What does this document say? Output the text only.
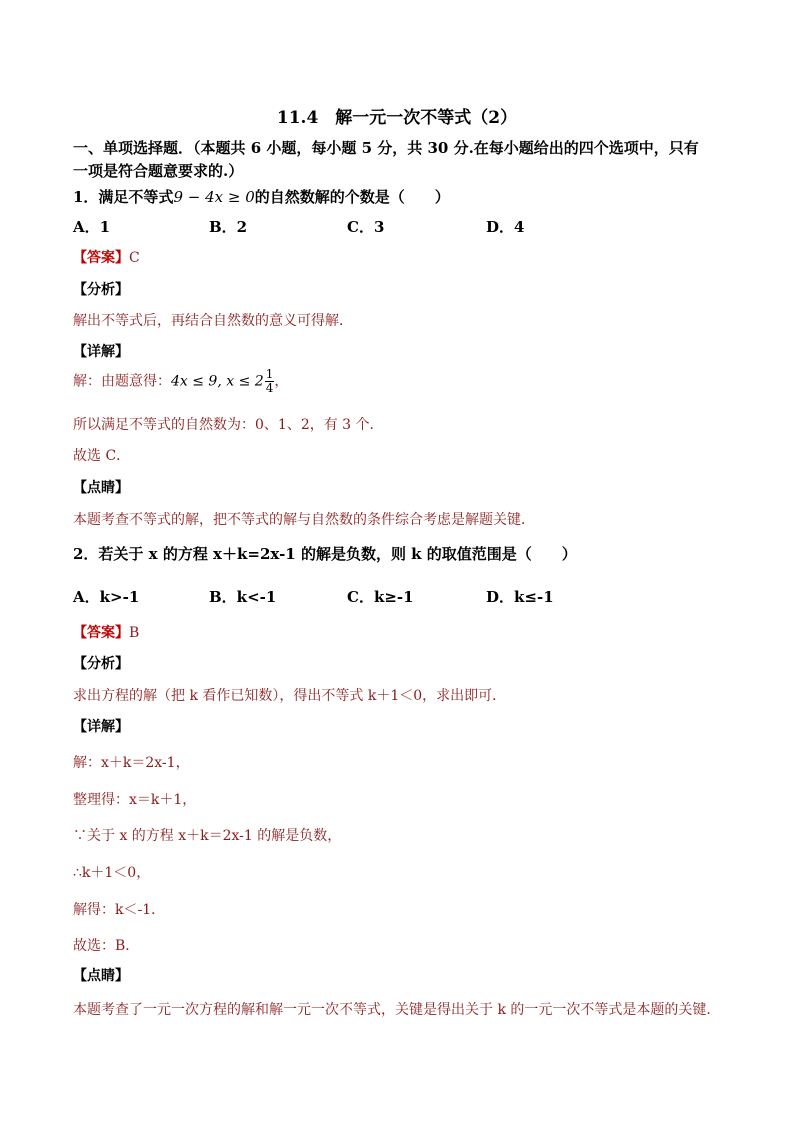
11.4　解一元一次不等式（2）
一、单项选择题．（本题共 6 小题，每小题 5 分，共 30 分.在每小题给出的四个选项中，只有
一项是符合题意要求的.）
1．满足不等式9 − 4x ≥ 0的自然数解的个数是（　　）
A．1	B．2	C．3	D．4
【答案】C
【分析】
解出不等式后，再结合自然数的意义可得解．
【详解】
解：由题意得：4x ≤ 9, $x \le 2 \frac{1}{4}$ ，
所以满足不等式的自然数为：0、1、2，有 3 个．
故选 C．
【点睛】
本题考查不等式的解，把不等式的解与自然数的条件综合考虑是解题关键．
2．若关于 x 的方程 x＋k=2x-1 的解是负数，则 k 的取值范围是（　　）
A．k>-1	B．k<-1	C．k≥-1	D．k≤-1
【答案】B
【分析】
求出方程的解（把 k 看作已知数），得出不等式 k＋1＜0，求出即可．
【详解】
解：x＋k＝2x-1，
整理得：x＝k＋1，
∵关于 x 的方程 x＋k＝2x-1 的解是负数，
∴k＋1＜0，
解得：k＜-1．
故选：B．
【点睛】
本题考查了一元一次方程的解和解一元一次不等式，关键是得出关于 k 的一元一次不等式是本题的关键．
